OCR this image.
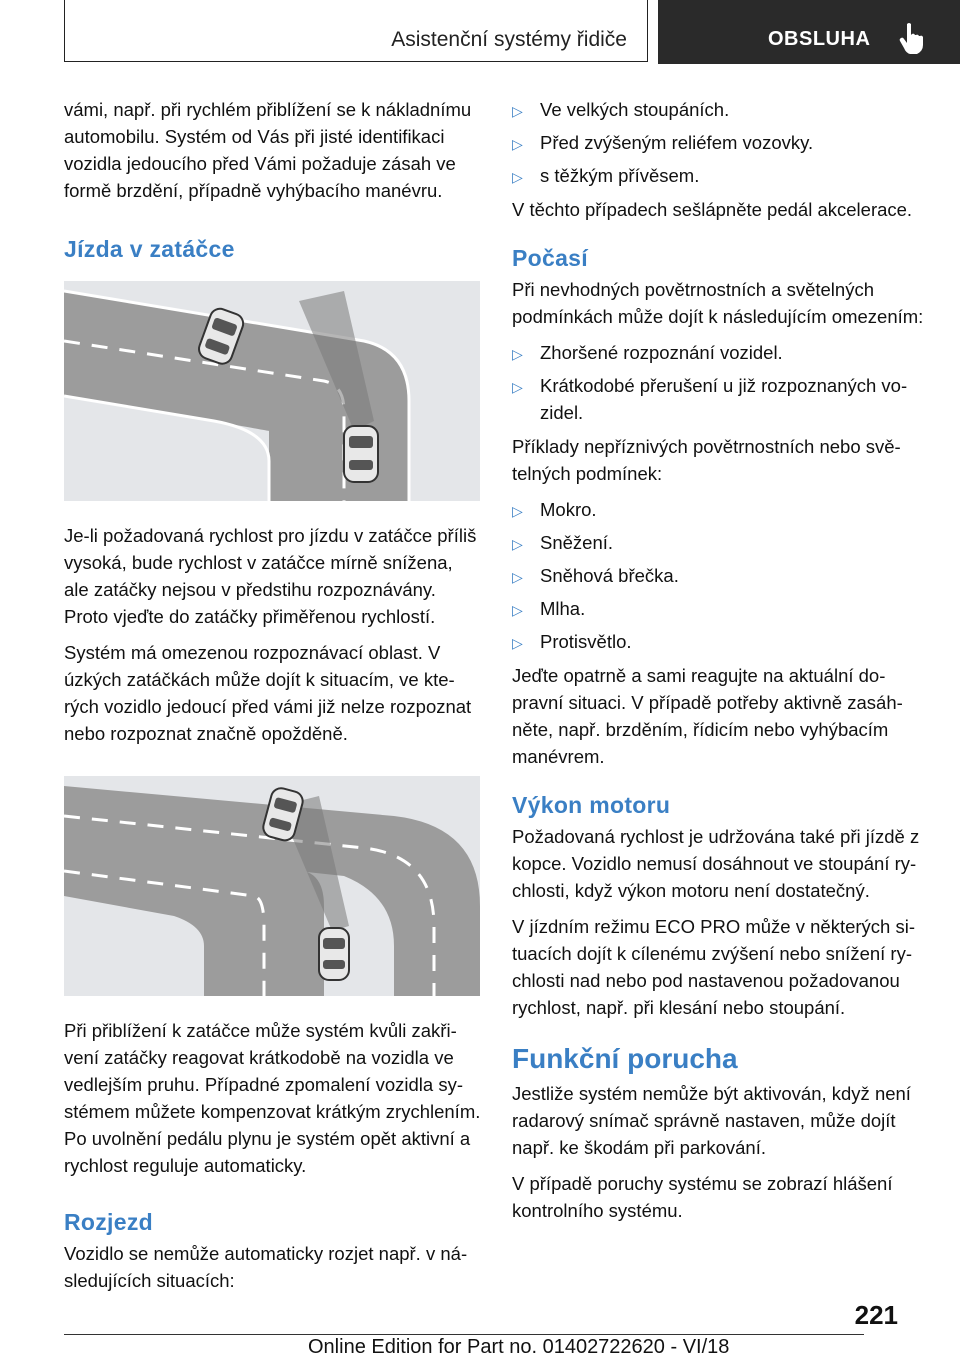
Asistenční systémy řidiče	OBSLUHA

vámi, např. při rychlém přiblížení se k nákladnímu automobilu. Systém od Vás při jisté identifikaci vozidla jedoucího před Vámi požaduje zásah ve formě brzdění, případně vyhýbacího manévru.

Jízda v zatáčce

Je-li požadovaná rychlost pro jízdu v zatáčce příliš vysoká, bude rychlost v zatáčce mírně snížena, ale zatáčky nejsou v předstihu rozpoznávány. Proto vjeďte do zatáčky přiměřenou rychlostí.

Systém má omezenou rozpoznávací oblast. V úzkých zatáčkách může dojít k situacím, ve kterých vozidlo jedoucí před vámi již nelze rozpoznat nebo rozpoznat značně opožděně.

Při přiblížení k zatáčce může systém kvůli zakřivení zatáčky reagovat krátkodobě na vozidla ve vedlejším pruhu. Případné zpomalení vozidla systémem můžete kompenzovat krátkým zrychlením. Po uvolnění pedálu plynu je systém opět aktivní a rychlost reguluje automaticky.

Rozjezd

Vozidlo se nemůže automaticky rozjet např. v následujících situacích:

▷ Ve velkých stoupáních.
▷ Před zvýšeným reliéfem vozovky.
▷ s těžkým přívěsem.

V těchto případech sešlápněte pedál akcelerace.

Počasí

Při nevhodných povětrnostních a světelných podmínkách může dojít k následujícím omezením:

▷ Zhoršené rozpoznání vozidel.
▷ Krátkodobé přerušení u již rozpoznaných vozidel.

Příklady nepříznivých povětrnostních nebo světelných podmínek:

▷ Mokro.
▷ Sněžení.
▷ Sněhová břečka.
▷ Mlha.
▷ Protisvětlo.

Jeďte opatrně a sami reagujte na aktuální dopravní situaci. V případě potřeby aktivně zasáhněte, např. brzděním, řídicím nebo vyhýbacím manévrem.

Výkon motoru

Požadovaná rychlost je udržována také při jízdě z kopce. Vozidlo nemusí dosáhnout ve stoupání rychlosti, když výkon motoru není dostatečný.

V jízdním režimu ECO PRO může v některých situacích dojít k cílenému zvýšení nebo snížení rychlosti nad nebo pod nastavenou požadovanou rychlost, např. při klesání nebo stoupání.

Funkční porucha

Jestliže systém nemůže být aktivován, když není radarový snímač správně nastaven, může dojít např. ke škodám při parkování.

V případě poruchy systému se zobrazí hlášení kontrolního systému.

221
Online Edition for Part no. 01402722620 - VI/18
